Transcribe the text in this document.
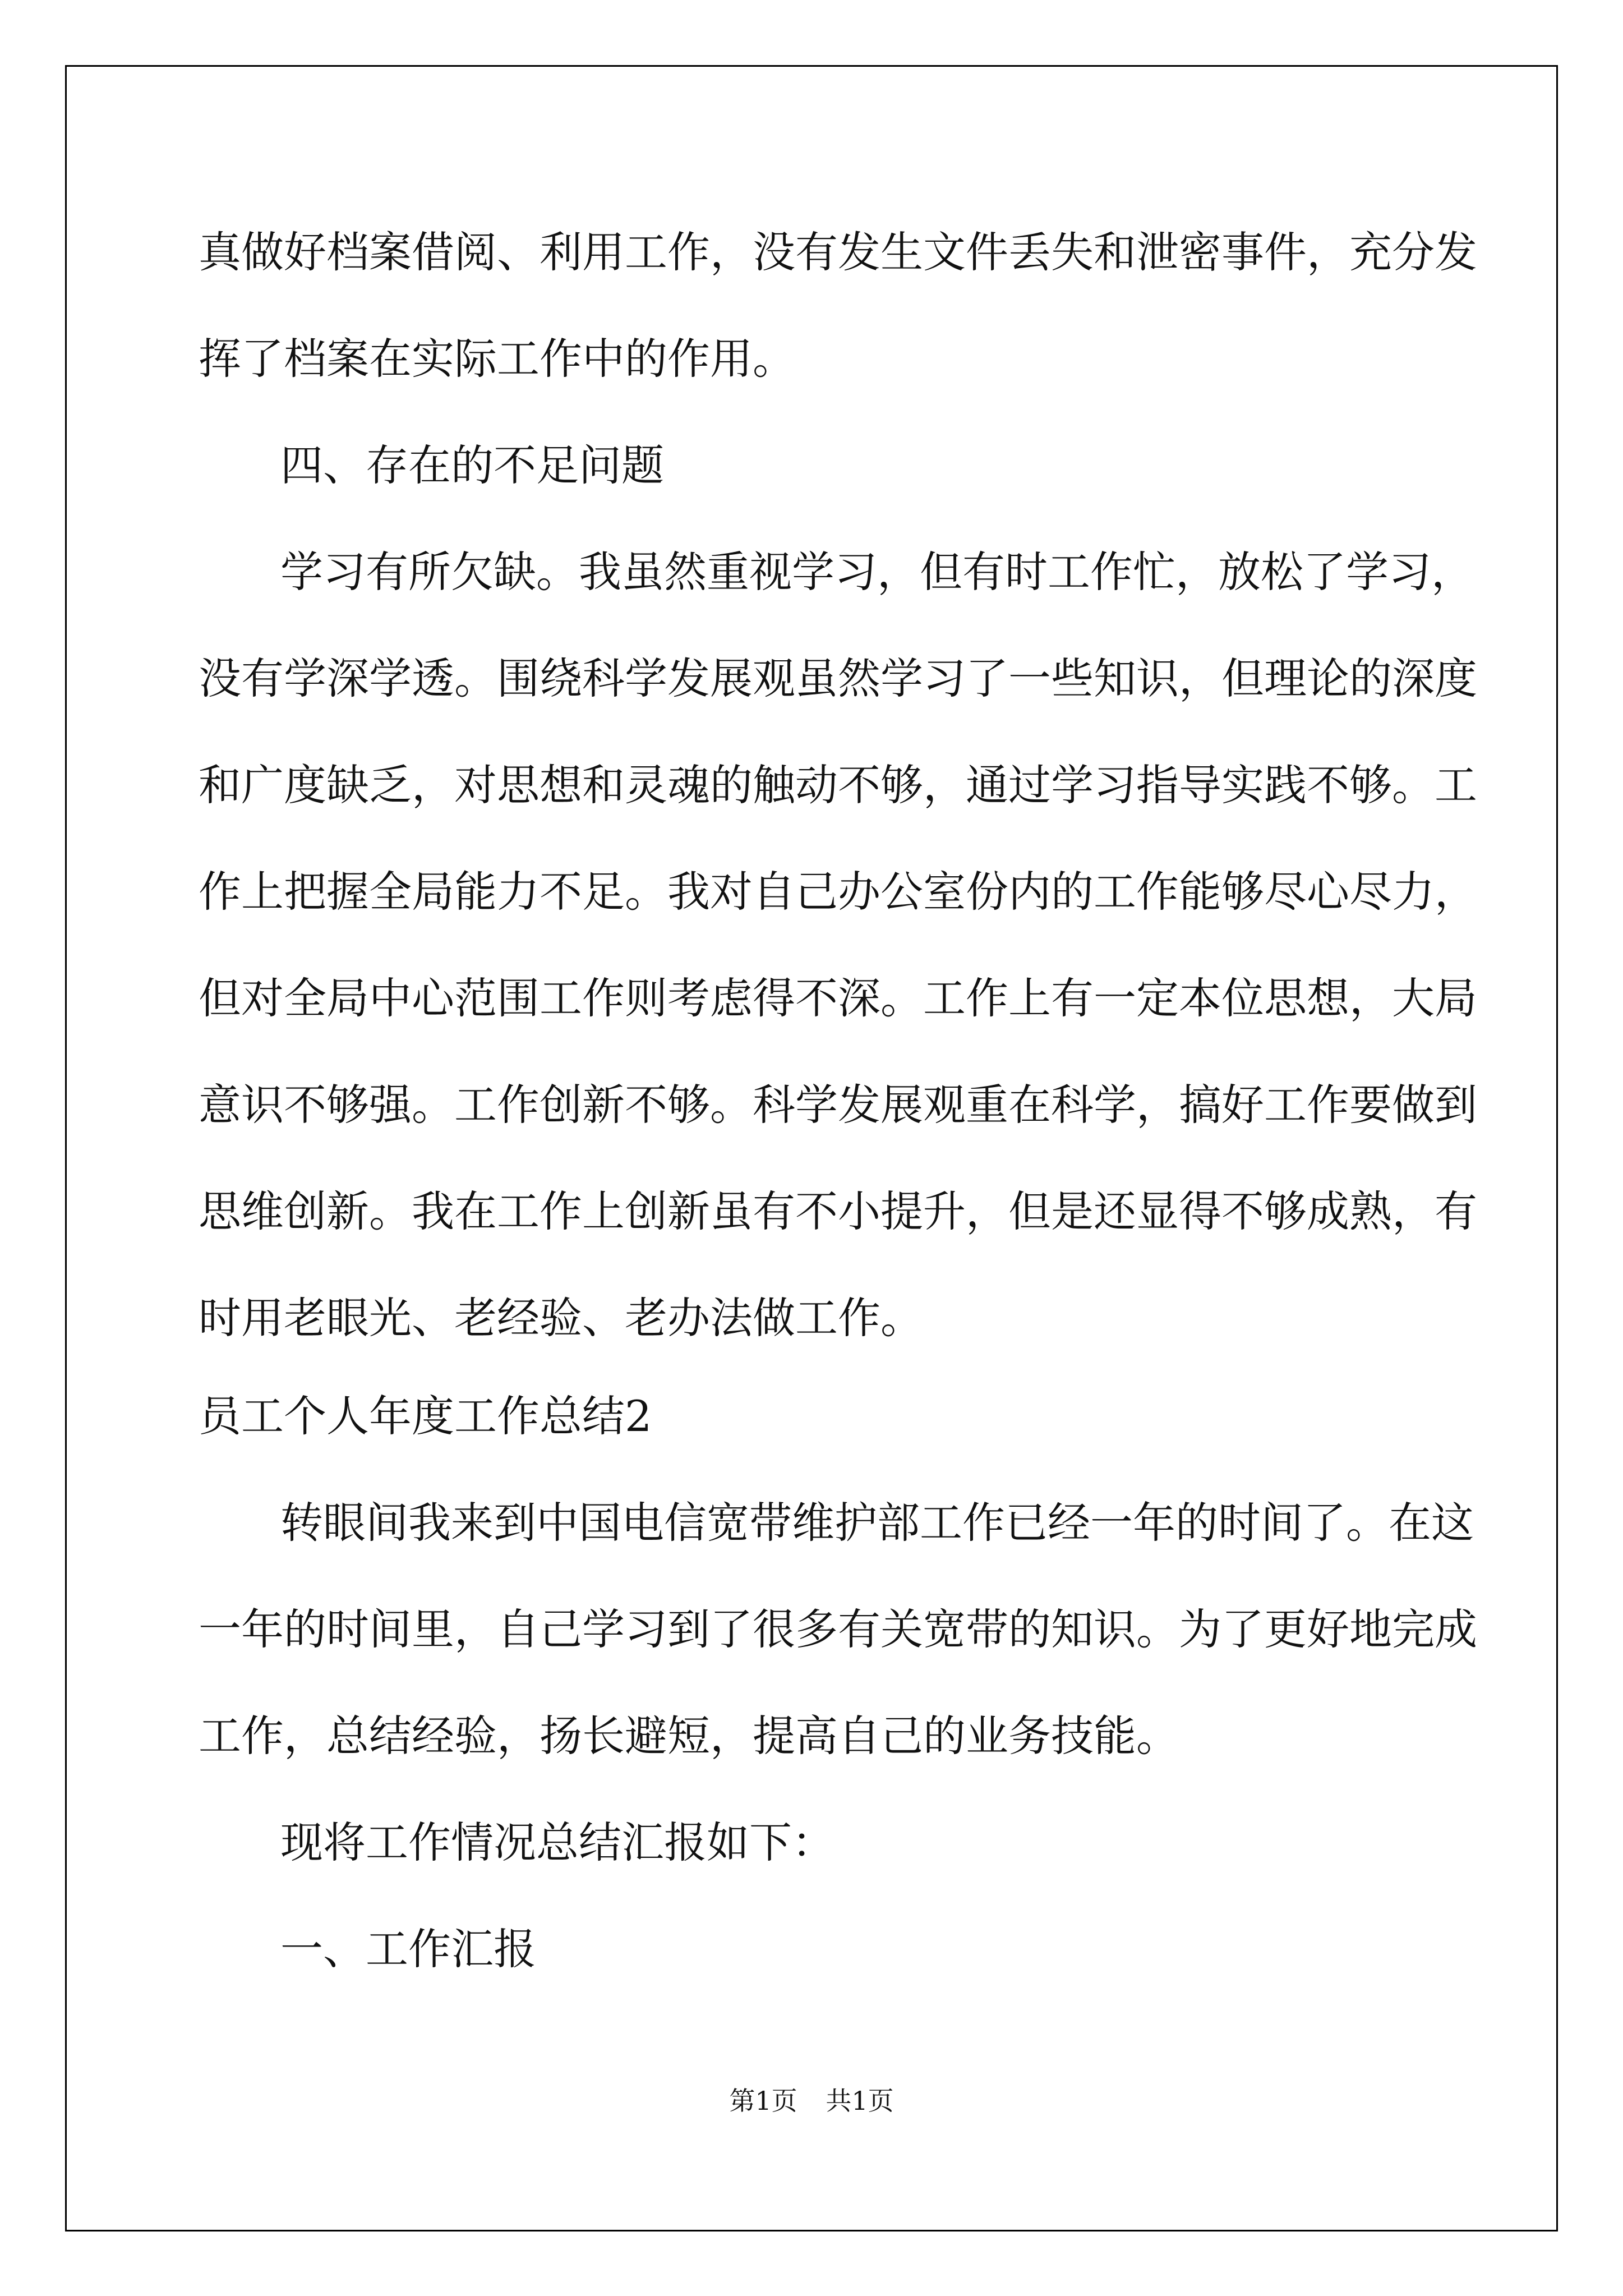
真做好档案借阅、利用工作，没有发生文件丢失和泄密事件，充分发
挥了档案在实际工作中的作用。
四、存在的不足问题
学习有所欠缺。我虽然重视学习，但有时工作忙，放松了学习，
没有学深学透。围绕科学发展观虽然学习了一些知识，但理论的深度
和广度缺乏，对思想和灵魂的触动不够，通过学习指导实践不够。工
作上把握全局能力不足。我对自己办公室份内的工作能够尽心尽力，
但对全局中心范围工作则考虑得不深。工作上有一定本位思想，大局
意识不够强。工作创新不够。科学发展观重在科学，搞好工作要做到
思维创新。我在工作上创新虽有不小提升，但是还显得不够成熟，有
时用老眼光、老经验、老办法做工作。
员工个人年度工作总结2
转眼间我来到中国电信宽带维护部工作已经一年的时间了。在这
一年的时间里，自己学习到了很多有关宽带的知识。为了更好地完成
工作，总结经验，扬长避短，提高自己的业务技能。
现将工作情况总结汇报如下：
一、工作汇报
第1页 共1页
